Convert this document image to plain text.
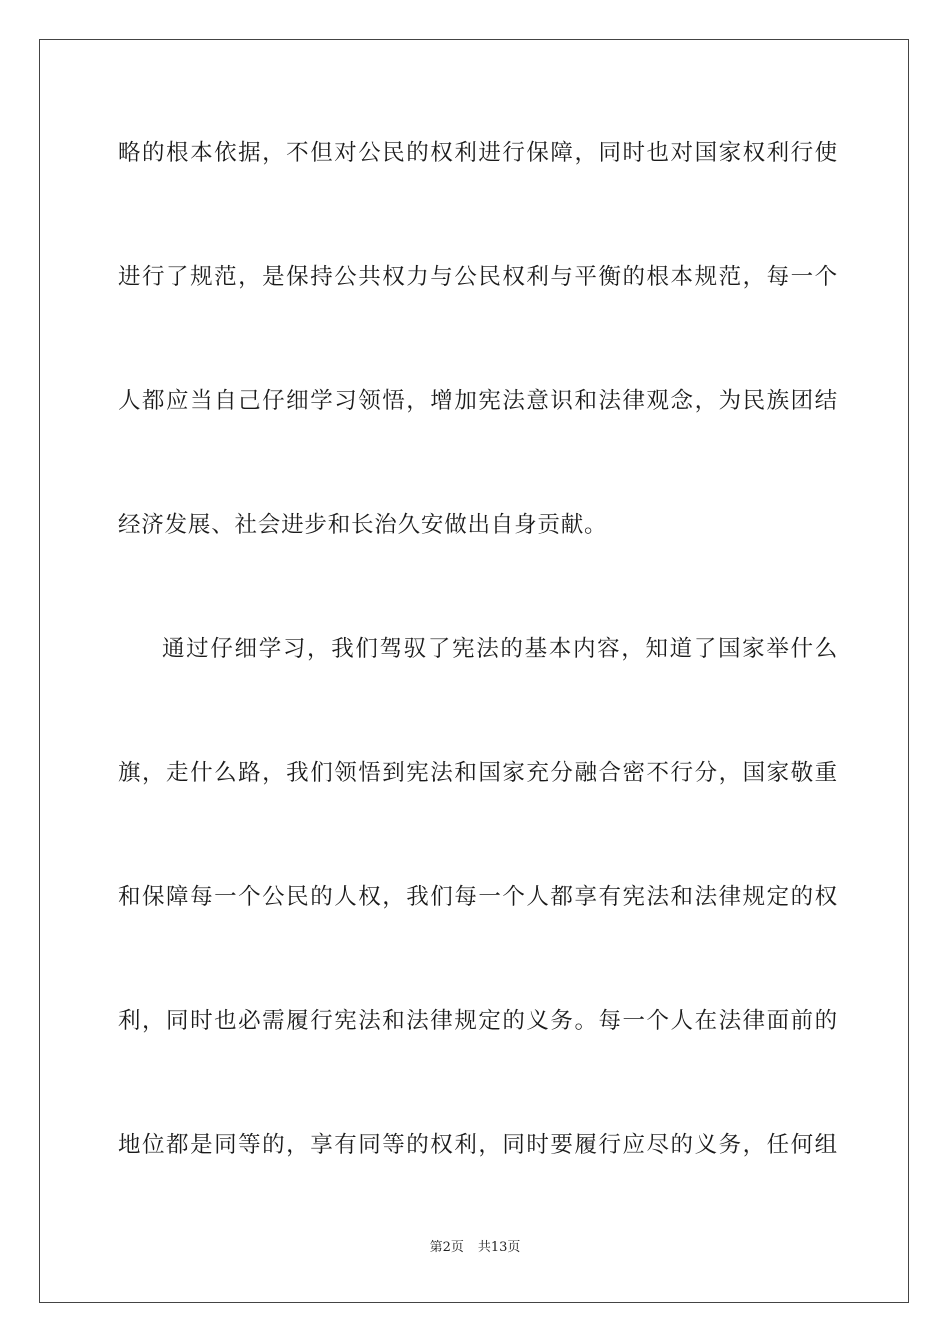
略的根本依据，不但对公民的权利进行保障，同时也对国家权利行使
进行了规范，是保持公共权力与公民权利与平衡的根本规范，每一个
人都应当自己仔细学习领悟，增加宪法意识和法律观念，为民族团结
经济发展、社会进步和长治久安做出自身贡献。
通过仔细学习，我们驾驭了宪法的基本内容，知道了国家举什么
旗，走什么路，我们领悟到宪法和国家充分融合密不行分，国家敬重
和保障每一个公民的人权，我们每一个人都享有宪法和法律规定的权
利，同时也必需履行宪法和法律规定的义务。每一个人在法律面前的
地位都是同等的，享有同等的权利，同时要履行应尽的义务，任何组
第2页 共13页
